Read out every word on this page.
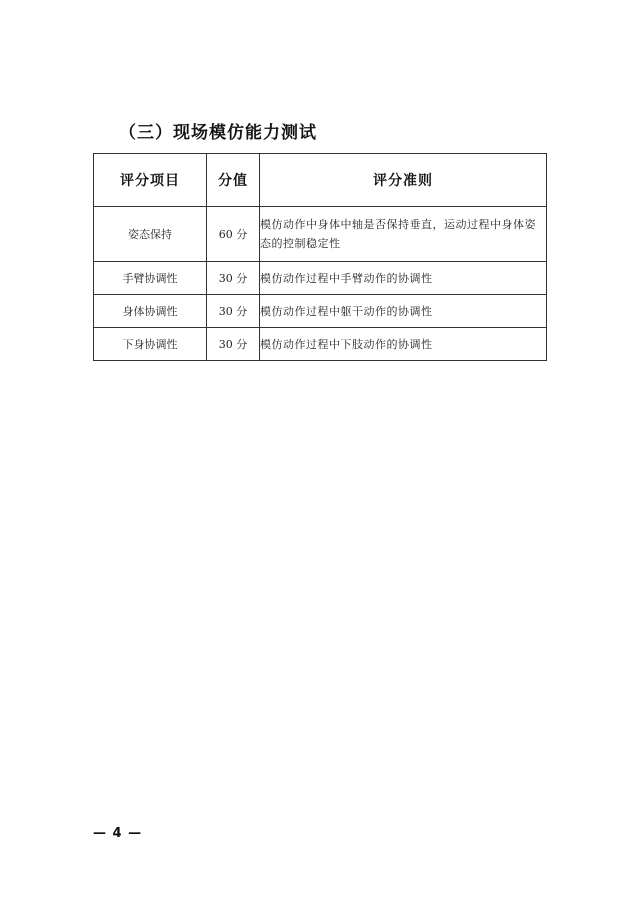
（三）现场模仿能力测试
评分项目	分值	评分准则
姿态保持	60 分	模仿动作中身体中轴是否保持垂直，运动过程中身体姿态的控制稳定性
手臂协调性	30 分	模仿动作过程中手臂动作的协调性
身体协调性	30 分	模仿动作过程中躯干动作的协调性
下身协调性	30 分	模仿动作过程中下肢动作的协调性
— 4 —
